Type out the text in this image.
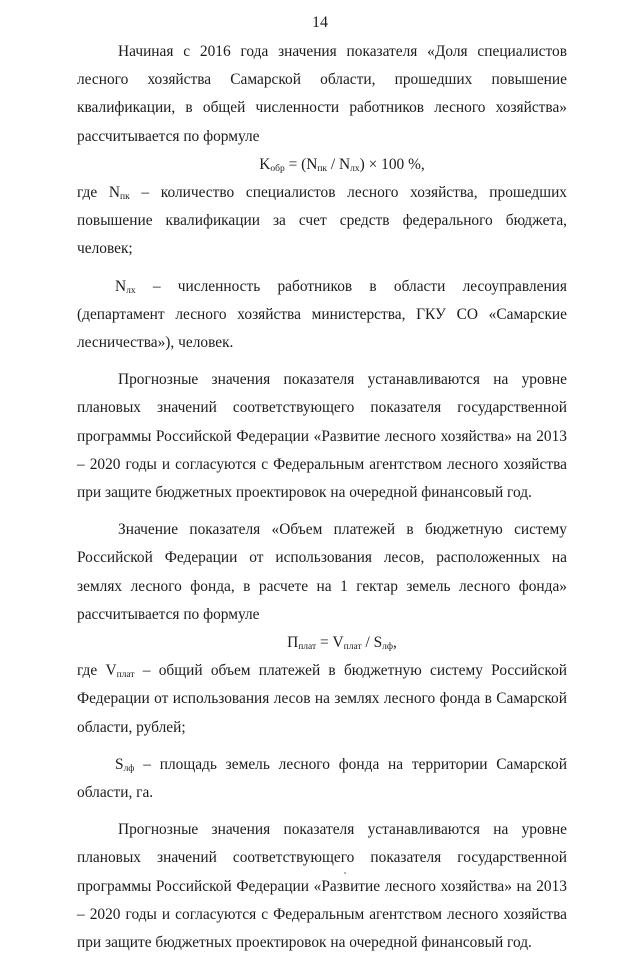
14

Начиная с 2016 года значения показателя «Доля специалистов лесного хозяйства Самарской области, прошедших повышение квалификации, в общей численности работников лесного хозяйства» рассчитывается по формуле

$K_{обр} = (N_{пк} / N_{лх}) \times 100$ %,

где $N_{пк}$ – количество специалистов лесного хозяйства, прошедших повышение квалификации за счет средств федерального бюджета, человек;

$N_{лх}$ – численность работников в области лесоуправления (департамент лесного хозяйства министерства, ГКУ СО «Самарские лесничества»), человек.

Прогнозные значения показателя устанавливаются на уровне плановых значений соответствующего показателя государственной программы Российской Федерации «Развитие лесного хозяйства» на 2013 – 2020 годы и согласуются с Федеральным агентством лесного хозяйства при защите бюджетных проектировок на очередной финансовый год.

Значение показателя «Объем платежей в бюджетную систему Российской Федерации от использования лесов, расположенных на землях лесного фонда, в расчете на 1 гектар земель лесного фонда» рассчитывается по формуле

$П_{плат} = V_{плат} / S_{лф}$,

где $V_{плат}$ – общий объем платежей в бюджетную систему Российской Федерации от использования лесов на землях лесного фонда в Самарской области, рублей;

$S_{лф}$ – площадь земель лесного фонда на территории Самарской области, га.

Прогнозные значения показателя устанавливаются на уровне плановых значений соответствующего показателя государственной программы Российской Федерации «Развитие лесного хозяйства» на 2013 – 2020 годы и согласуются с Федеральным агентством лесного хозяйства при защите бюджетных проектировок на очередной финансовый год.
